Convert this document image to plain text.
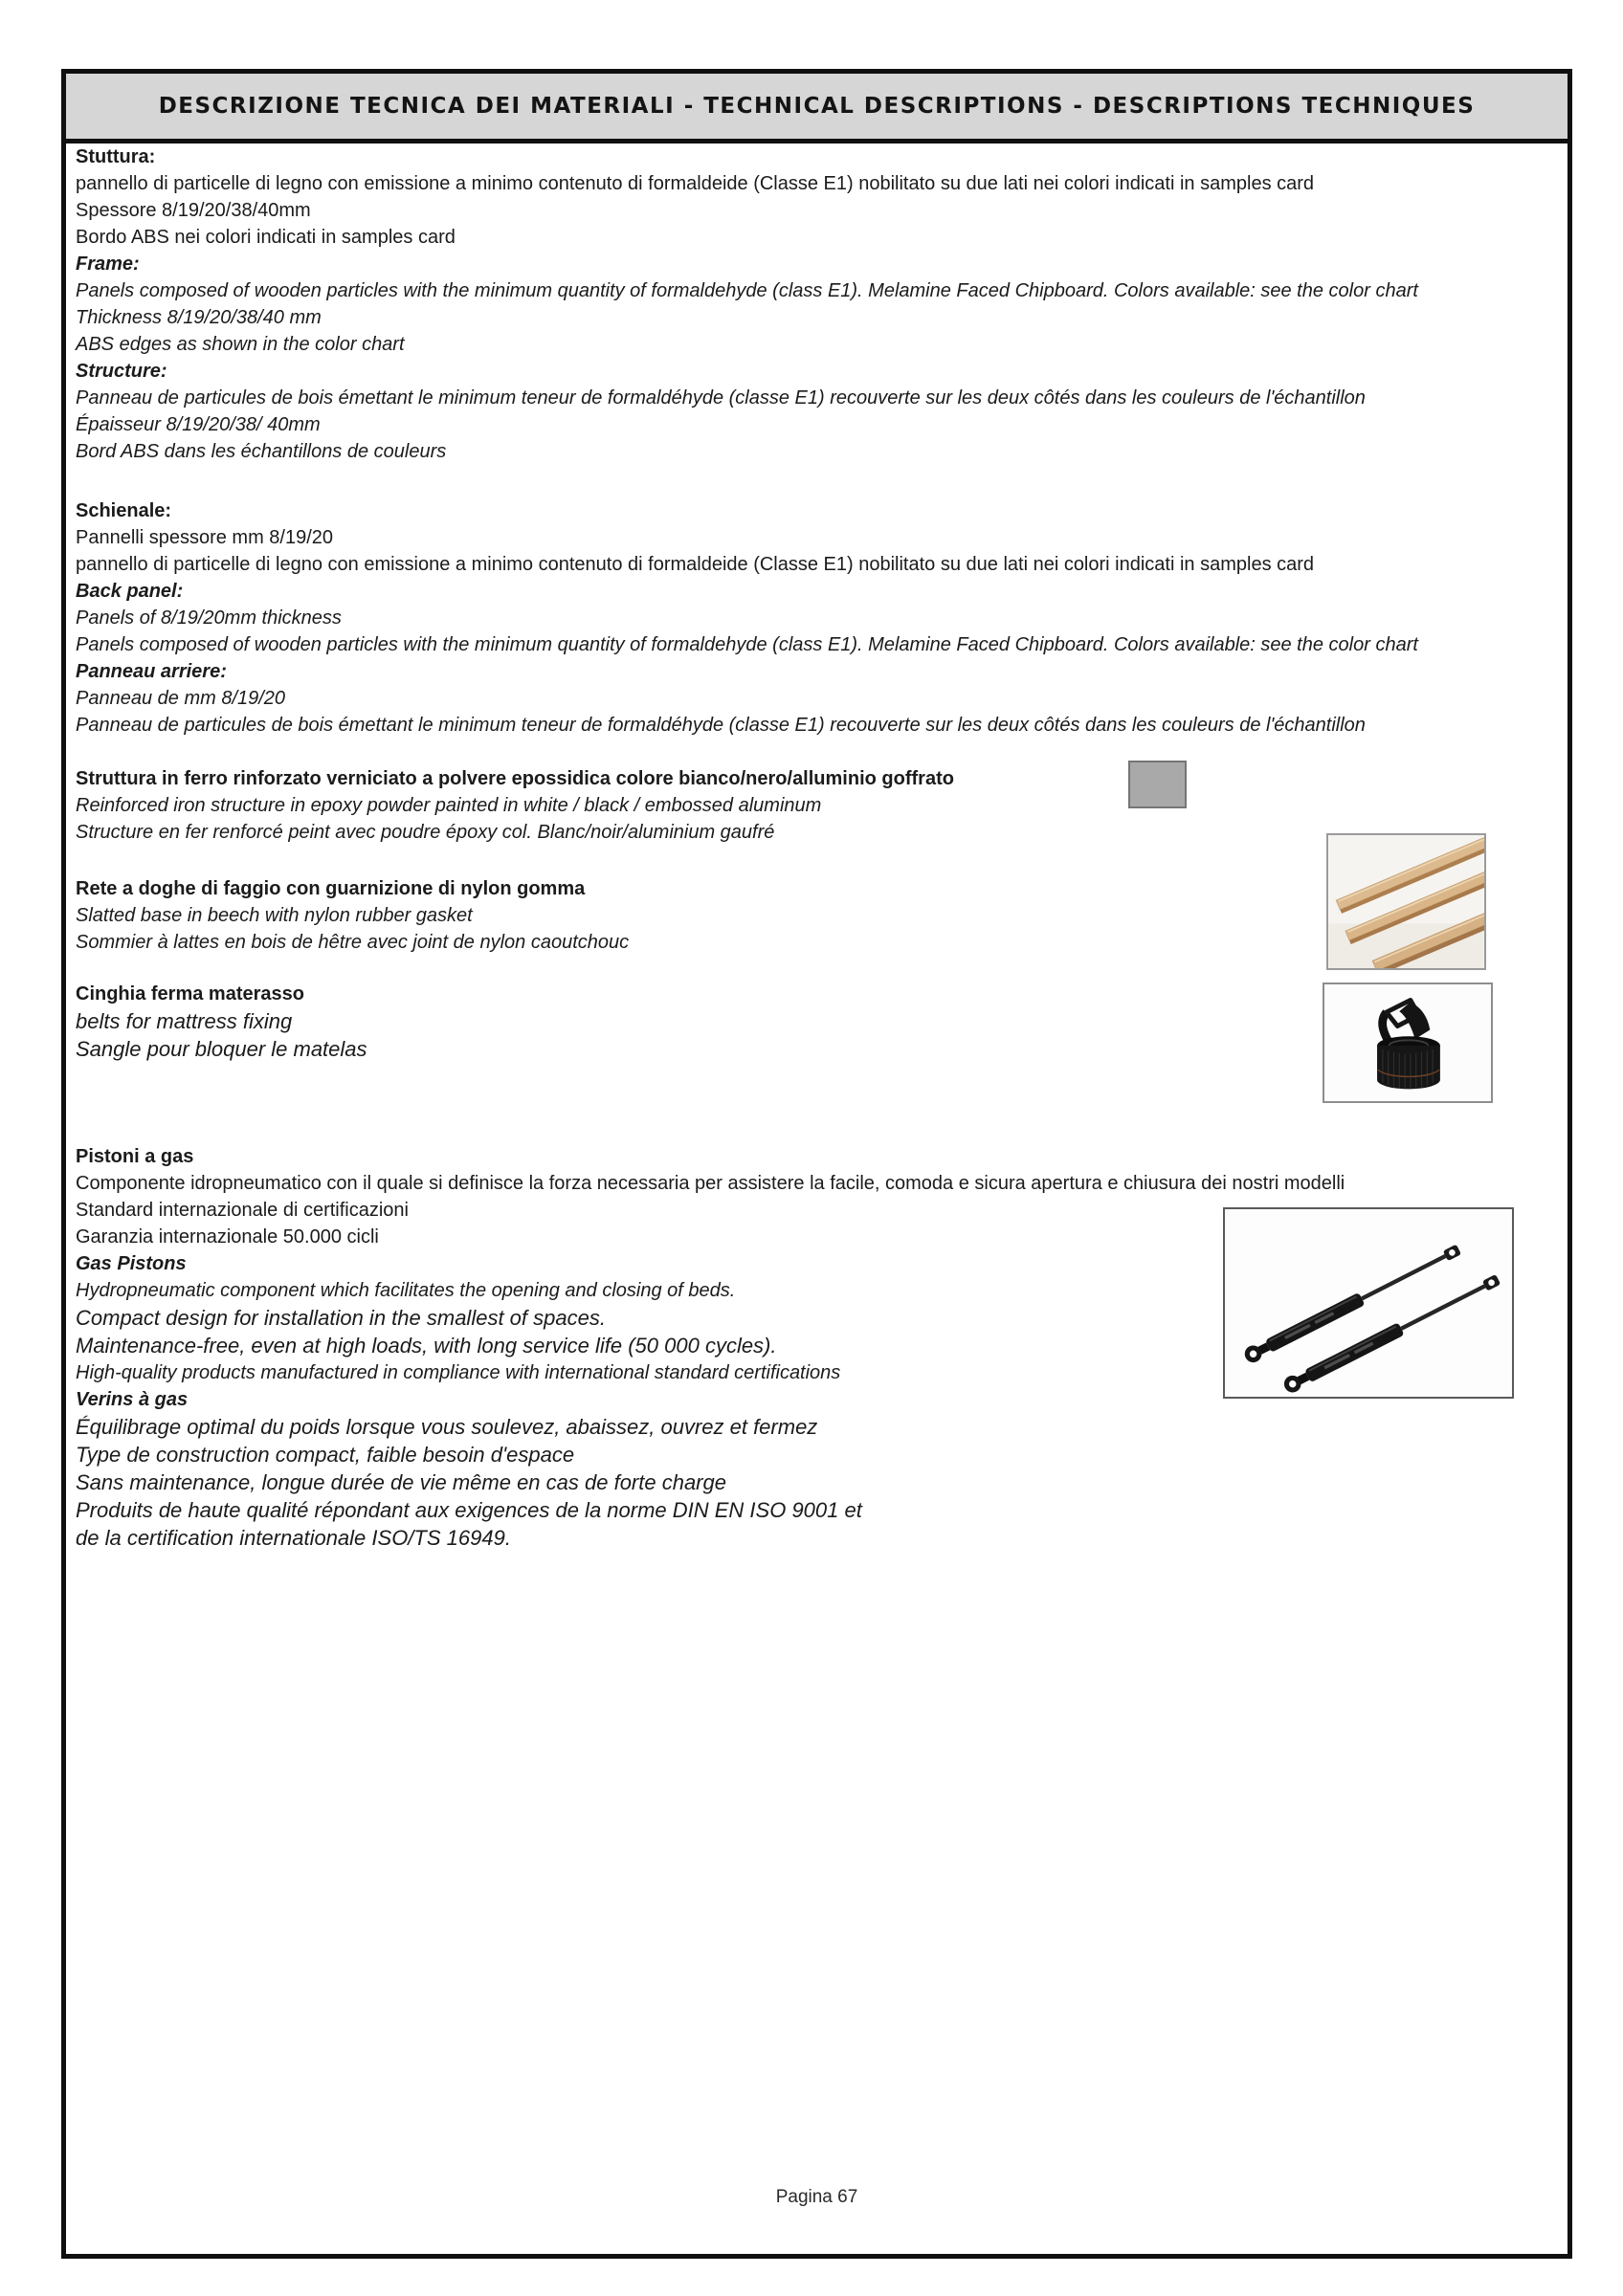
DESCRIZIONE TECNICA DEI MATERIALI - TECHNICAL DESCRIPTIONS - DESCRIPTIONS TECHNIQUES
Stuttura:
pannello di particelle di legno con emissione a minimo contenuto di formaldeide (Classe E1) nobilitato su due lati nei colori indicati in samples card
Spessore 8/19/20/38/40mm
Bordo ABS nei colori indicati in samples card
Frame:
Panels composed of wooden particles with the minimum quantity of formaldehyde (class E1). Melamine Faced Chipboard. Colors available: see the color chart
Thickness 8/19/20/38/40 mm
ABS edges as shown in the color chart
Structure:
Panneau de particules de bois émettant le minimum teneur de formaldéhyde (classe E1) recouverte sur les deux côtés dans les couleurs de l'échantillon
Épaisseur 8/19/20/38/ 40mm
Bord ABS dans les échantillons de couleurs
Schienale:
Pannelli spessore mm 8/19/20
pannello di particelle di legno con emissione a minimo contenuto di formaldeide (Classe E1) nobilitato su due lati nei colori indicati in samples card
Back panel:
Panels of 8/19/20mm thickness
Panels composed of wooden particles with the minimum quantity of formaldehyde (class E1). Melamine Faced Chipboard. Colors available: see the color chart
Panneau arriere:
Panneau de mm 8/19/20
Panneau de particules de bois émettant le minimum teneur de formaldéhyde (classe E1) recouverte sur les deux côtés dans les couleurs de l'échantillon
Struttura in ferro rinforzato verniciato a polvere epossidica colore bianco/nero/alluminio goffrato
Reinforced iron structure in epoxy powder painted in white / black / embossed aluminum
Structure en fer renforcé peint avec poudre époxy col. Blanc/noir/aluminium gaufré
Rete a doghe di faggio con guarnizione di nylon gomma
Slatted base in beech with nylon rubber gasket
Sommier à lattes en bois de hêtre avec joint de nylon caoutchouc
Cinghia ferma materasso
belts for mattress fixing
Sangle pour bloquer le matelas
Pistoni a gas
Componente idropneumatico con il quale si definisce la forza necessaria per assistere la facile, comoda e sicura apertura e chiusura dei nostri modelli
Standard internazionale di certificazioni
Garanzia internazionale 50.000 cicli
Gas Pistons
Hydropneumatic component which facilitates the opening and closing of beds.
Compact design for installation in the smallest of spaces.
Maintenance-free, even at high loads, with long service life (50 000 cycles).
High-quality products manufactured in compliance with international standard certifications
Verins à gas
Équilibrage optimal du poids lorsque vous soulevez, abaissez, ouvrez et fermez
Type de construction compact, faible besoin d'espace
Sans maintenance, longue durée de vie même en cas de forte charge
Produits de haute qualité répondant aux exigences de la norme DIN EN ISO 9001 et
de la certification internationale ISO/TS 16949.
Pagina 67
